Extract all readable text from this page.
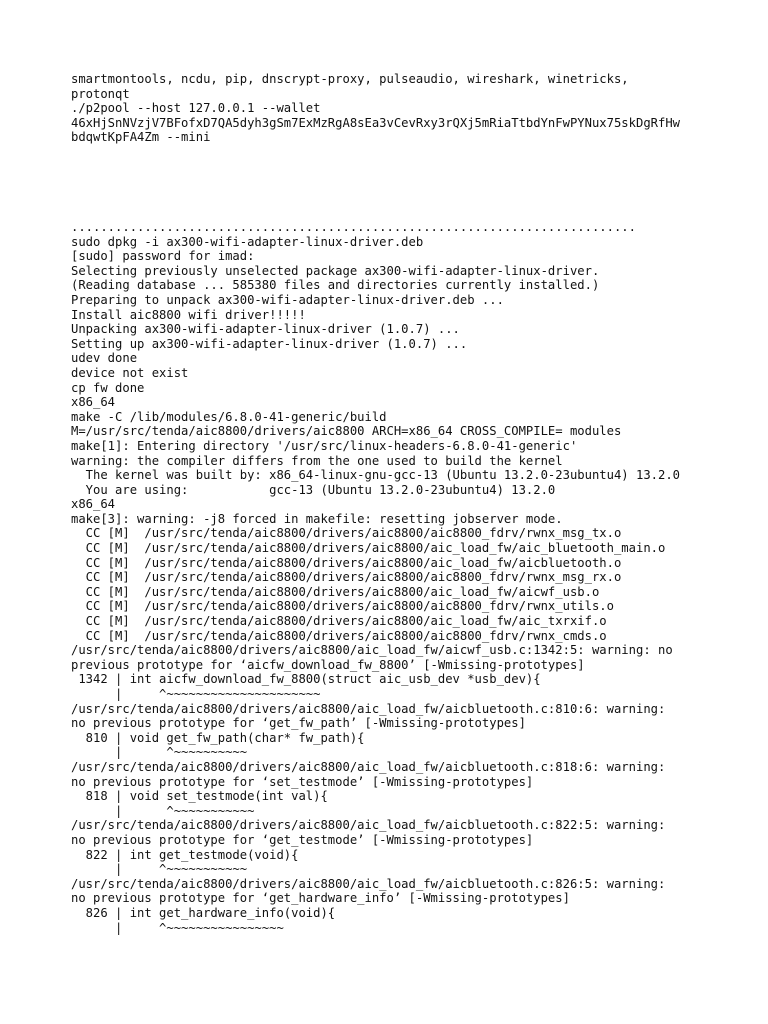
smartmontools, ncdu, pip, dnscrypt-proxy, pulseaudio, wireshark, winetricks,
protonqt
./p2pool --host 127.0.0.1 --wallet
46xHjSnNVzjV7BFofxD7QA5dyh3gSm7ExMzRgA8sEa3vCevRxy3rQXj5mRiaTtbdYnFwPYNux75skDgRfHw
bdqwtKpFA4Zm --mini
.............................................................................
sudo dpkg -i ax300-wifi-adapter-linux-driver.deb
[sudo] password for imad:
Selecting previously unselected package ax300-wifi-adapter-linux-driver.
(Reading database ... 585380 files and directories currently installed.)
Preparing to unpack ax300-wifi-adapter-linux-driver.deb ...
Install aic8800 wifi driver!!!!!
Unpacking ax300-wifi-adapter-linux-driver (1.0.7) ...
Setting up ax300-wifi-adapter-linux-driver (1.0.7) ...
udev done
device not exist
cp fw done
x86_64
make -C /lib/modules/6.8.0-41-generic/build
M=/usr/src/tenda/aic8800/drivers/aic8800 ARCH=x86_64 CROSS_COMPILE= modules
make[1]: Entering directory '/usr/src/linux-headers-6.8.0-41-generic'
warning: the compiler differs from the one used to build the kernel
The kernel was built by: x86_64-linux-gnu-gcc-13 (Ubuntu 13.2.0-23ubuntu4) 13.2.0
You are using:           gcc-13 (Ubuntu 13.2.0-23ubuntu4) 13.2.0
x86_64
make[3]: warning: -j8 forced in makefile: resetting jobserver mode.
CC [M]  /usr/src/tenda/aic8800/drivers/aic8800/aic8800_fdrv/rwnx_msg_tx.o
CC [M]  /usr/src/tenda/aic8800/drivers/aic8800/aic_load_fw/aic_bluetooth_main.o
CC [M]  /usr/src/tenda/aic8800/drivers/aic8800/aic_load_fw/aicbluetooth.o
CC [M]  /usr/src/tenda/aic8800/drivers/aic8800/aic8800_fdrv/rwnx_msg_rx.o
CC [M]  /usr/src/tenda/aic8800/drivers/aic8800/aic_load_fw/aicwf_usb.o
CC [M]  /usr/src/tenda/aic8800/drivers/aic8800/aic8800_fdrv/rwnx_utils.o
CC [M]  /usr/src/tenda/aic8800/drivers/aic8800/aic_load_fw/aic_txrxif.o
CC [M]  /usr/src/tenda/aic8800/drivers/aic8800/aic8800_fdrv/rwnx_cmds.o
/usr/src/tenda/aic8800/drivers/aic8800/aic_load_fw/aicwf_usb.c:1342:5: warning: no
previous prototype for ‘aicfw_download_fw_8800’ [-Wmissing-prototypes]
1342 | int aicfw_download_fw_8800(struct aic_usb_dev *usb_dev){
|     ^~~~~~~~~~~~~~~~~~~~~~
/usr/src/tenda/aic8800/drivers/aic8800/aic_load_fw/aicbluetooth.c:810:6: warning:
no previous prototype for ‘get_fw_path’ [-Wmissing-prototypes]
810 | void get_fw_path(char* fw_path){
|      ^~~~~~~~~~~
/usr/src/tenda/aic8800/drivers/aic8800/aic_load_fw/aicbluetooth.c:818:6: warning:
no previous prototype for ‘set_testmode’ [-Wmissing-prototypes]
818 | void set_testmode(int val){
|      ^~~~~~~~~~~~
/usr/src/tenda/aic8800/drivers/aic8800/aic_load_fw/aicbluetooth.c:822:5: warning:
no previous prototype for ‘get_testmode’ [-Wmissing-prototypes]
822 | int get_testmode(void){
|     ^~~~~~~~~~~~
/usr/src/tenda/aic8800/drivers/aic8800/aic_load_fw/aicbluetooth.c:826:5: warning:
no previous prototype for ‘get_hardware_info’ [-Wmissing-prototypes]
826 | int get_hardware_info(void){
|     ^~~~~~~~~~~~~~~~~
